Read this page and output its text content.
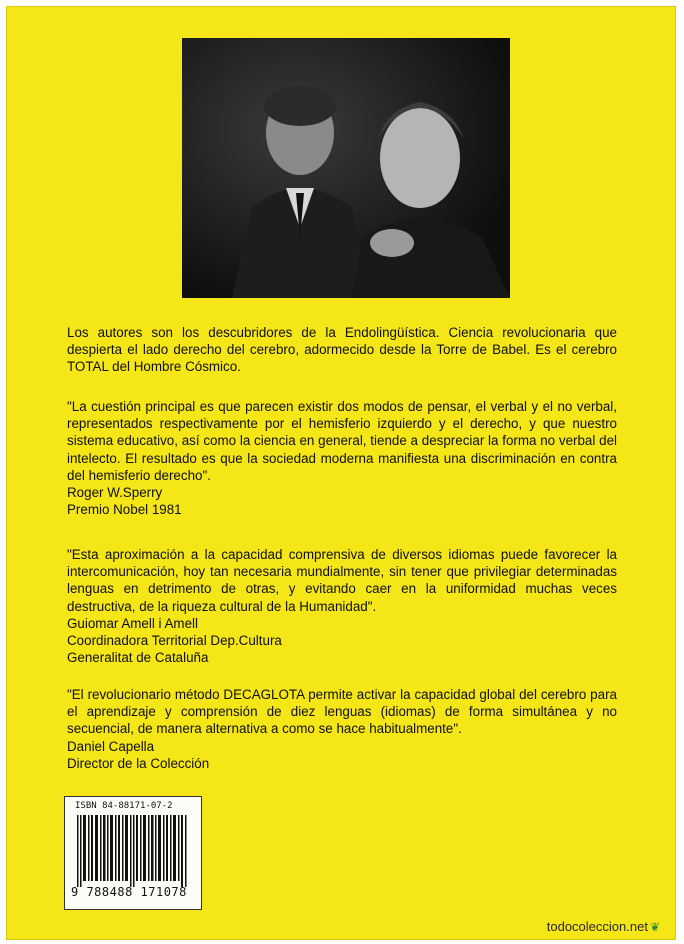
Los autores son los descubridores de la Endolingüística. Ciencia revolucionaria que despierta el lado derecho del cerebro, adormecido desde la Torre de Babel. Es el cerebro TOTAL del Hombre Cósmico.

"La cuestión principal es que parecen existir dos modos de pensar, el verbal y el no verbal, representados respectivamente por el hemisferio izquierdo y el derecho, y que nuestro sistema educativo, así como la ciencia en general, tiende a despreciar la forma no verbal del intelecto. El resultado es que la sociedad moderna manifiesta una discriminación en contra del hemisferio derecho".

Roger W.Sperry
Premio Nobel 1981

"Esta aproximación a la capacidad comprensiva de diversos idiomas puede favorecer la intercomunicación, hoy tan necesaria mundialmente, sin tener que privilegiar determinadas lenguas en detrimento de otras, y evitando caer en la uniformidad muchas veces destructiva, de la riqueza cultural de la Humanidad".

Guiomar Amell i Amell
Coordinadora Territorial Dep.Cultura
Generalitat de Cataluña

"El revolucionario método DECAGLOTA permite activar la capacidad global del cerebro para el aprendizaje y comprensión de diez lenguas (idiomas) de forma simultánea y no secuencial, de manera alternativa a como se hace habitualmente".

Daniel Capella
Director de la Colección
ISBN 84-88171-07-2
9 788488 171078
todocoleccion.net ❦
